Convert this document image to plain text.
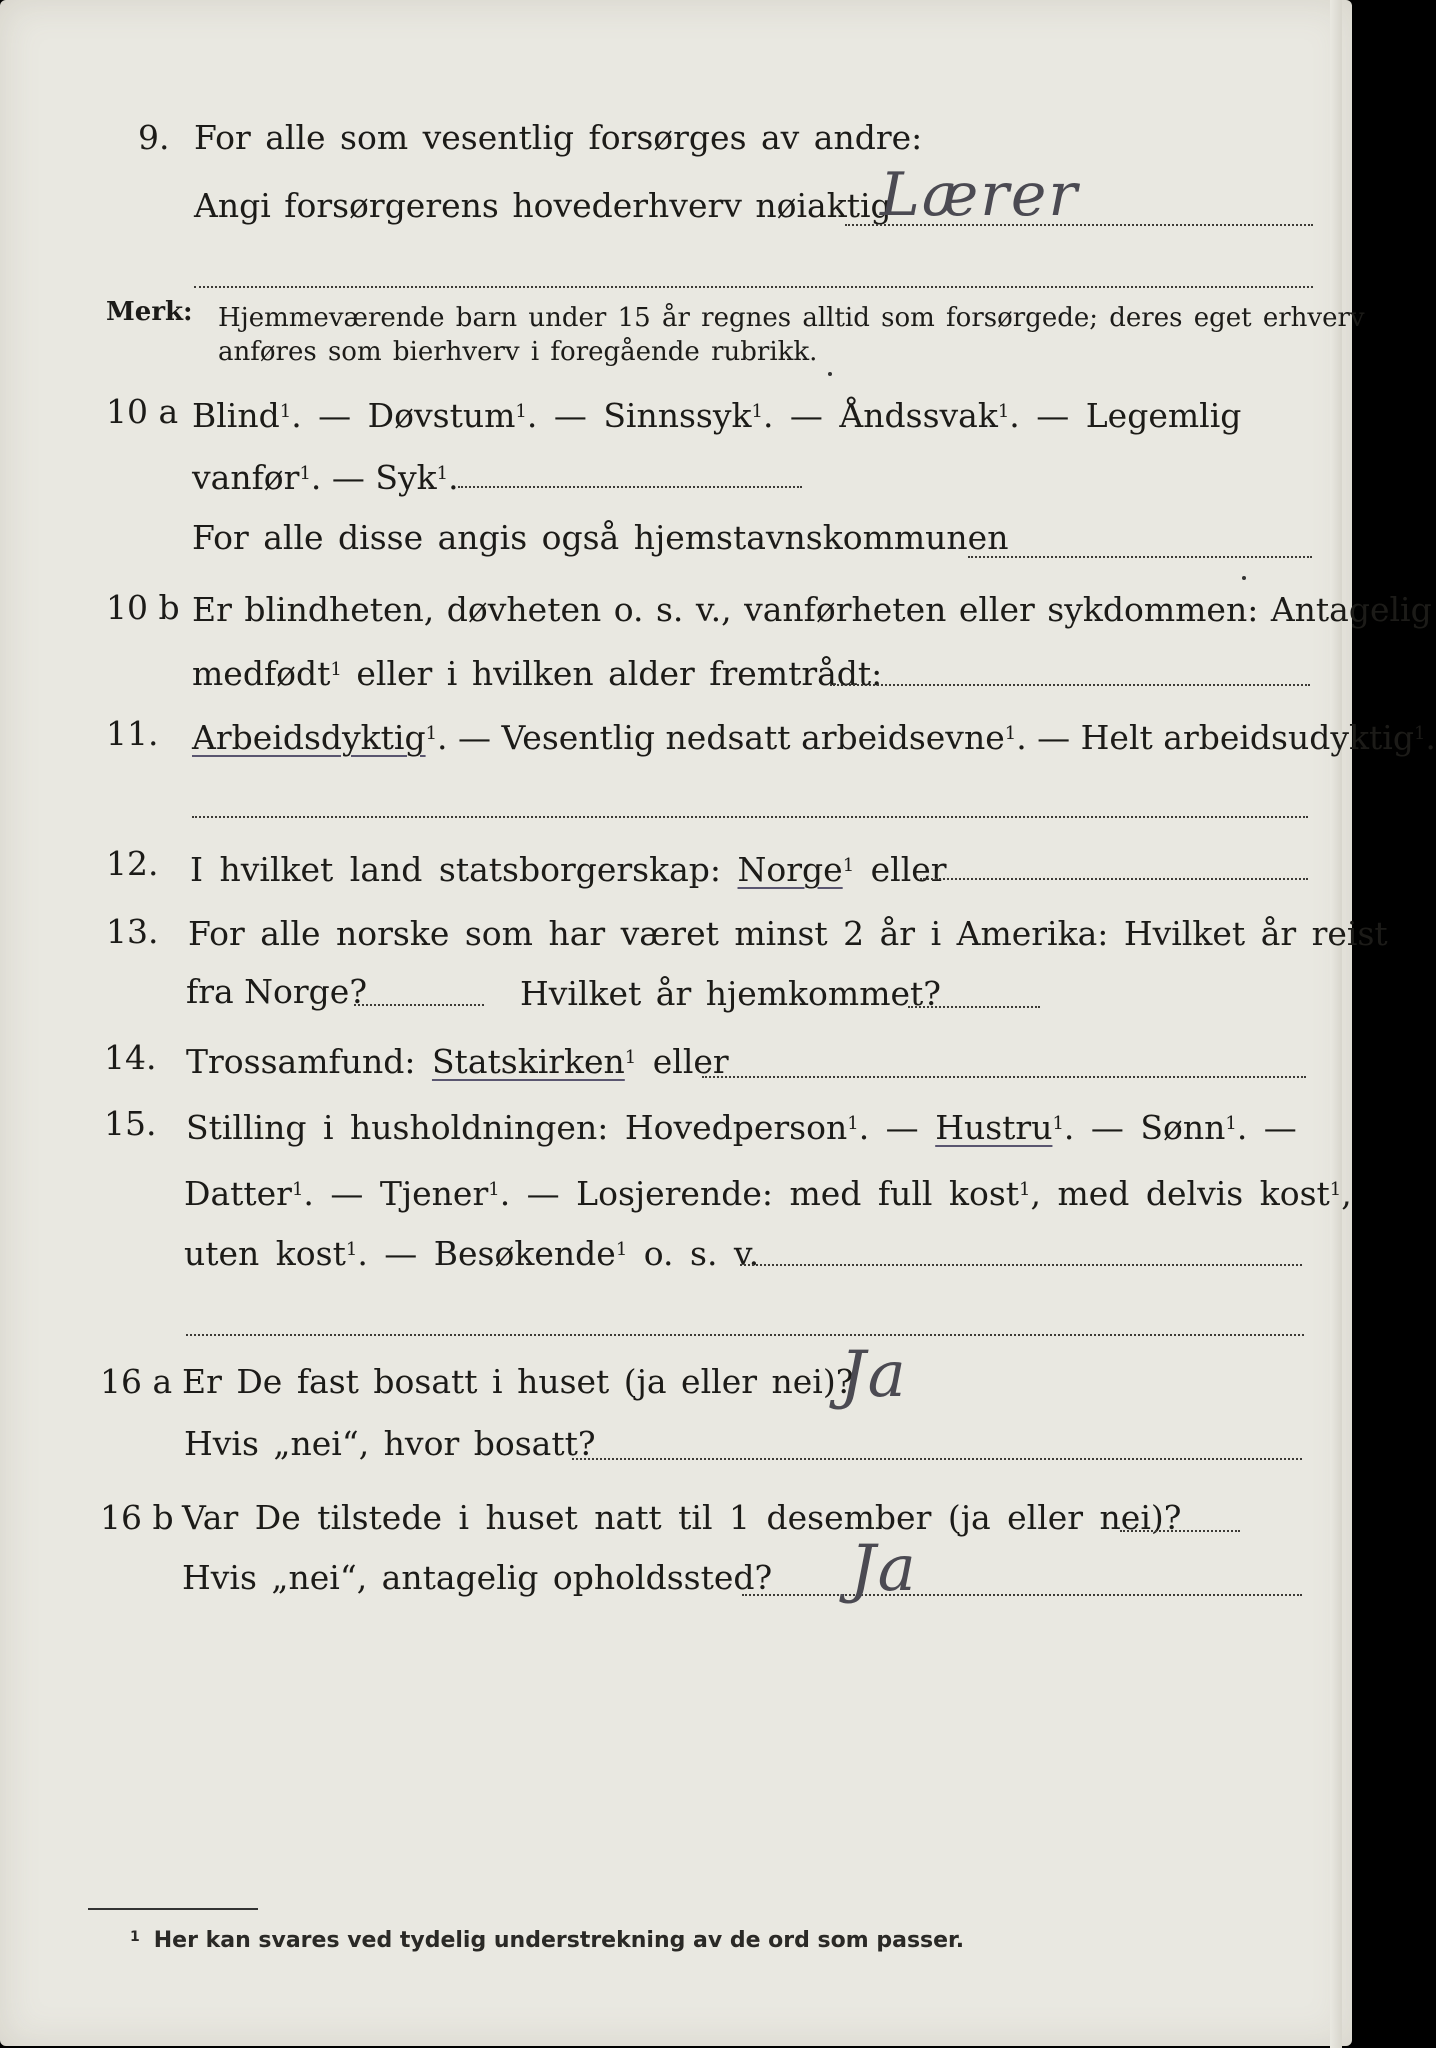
9. For alle som vesentlig forsørges av andre:
Angi forsørgerens hovederhverv nøiaktig
Lærer
Merk: Hjemmeværende barn under 15 år regnes alltid som forsørgede; deres eget erhverv
anføres som bierhverv i foregående rubrikk.
10 a Blind$^1$. — Døvstum$^1$. — Sinnssyk$^1$. — Åndssvak$^1$. — Legemlig
vanfør$^1$. — Syk$^1$.
For alle disse angis også hjemstavnskommunen
10 b Er blindheten, døvheten o. s. v., vanførheten eller sykdommen: Antagelig
medfødt$^1$ eller i hvilken alder fremtrådt:
11. Arbeidsdyktig$^1$. — Vesentlig nedsatt arbeidsevne$^1$. — Helt arbeidsudyktig$^1$.
12. I hvilket land statsborgerskap: Norge$^1$ eller
13. For alle norske som har været minst 2 år i Amerika: Hvilket år reist
fra Norge?	Hvilket år hjemkommet?
14. Trossamfund: Statskirken$^1$ eller
15. Stilling i husholdningen: Hovedperson$^1$. — Hustru$^1$. — Sønn$^1$. —
Datter$^1$. — Tjener$^1$. — Losjerende: med full kost$^1$, med delvis kost$^1$,
uten kost$^1$. — Besøkende$^1$ o. s. v.
16 a Er De fast bosatt i huset (ja eller nei)?
Ja
Hvis „nei“, hvor bosatt?
16 b Var De tilstede i huset natt til 1 desember (ja eller nei)?
Hvis „nei“, antagelig opholdssted? Ja
$^1$ Her kan svares ved tydelig understrekning av de ord som passer.
